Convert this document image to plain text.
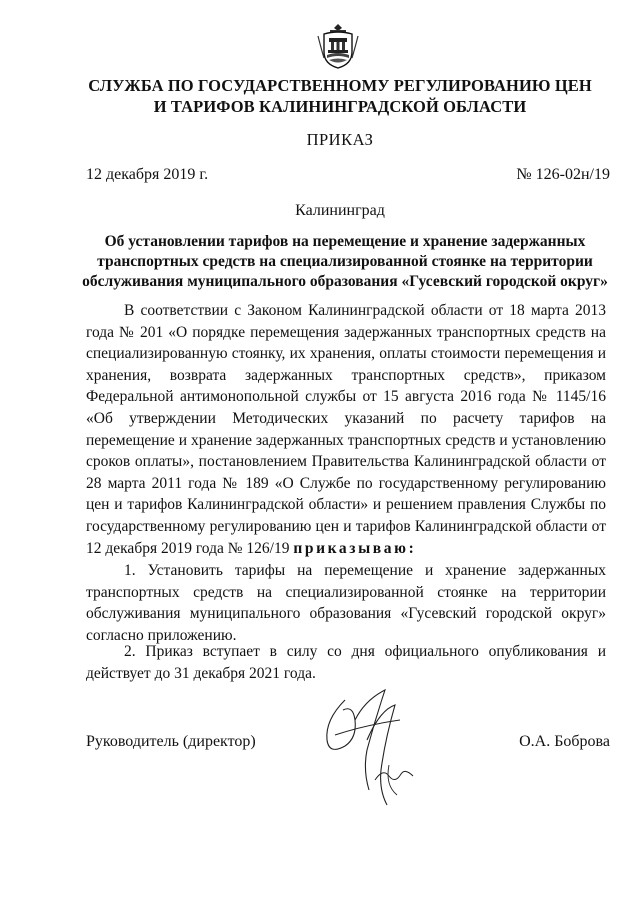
СЛУЖБА ПО ГОСУДАРСТВЕННОМУ РЕГУЛИРОВАНИЮ ЦЕН
И ТАРИФОВ КАЛИНИНГРАДСКОЙ ОБЛАСТИ
ПРИКАЗ
12 декабря 2019 г.	№ 126-02н/19
Калининград
Об установлении тарифов на перемещение и хранение задержанных
транспортных средств на специализированной стоянке на территории
обслуживания муниципального образования «Гусевский городской округ»

В соответствии с Законом Калининградской области от 18 марта 2013 года № 201 «О порядке перемещения задержанных транспортных средств на специализированную стоянку, их хранения, оплаты стоимости перемещения и хранения, возврата задержанных транспортных средств», приказом Федеральной антимонопольной службы от 15 августа 2016 года № 1145/16 «Об утверждении Методических указаний по расчету тарифов на перемещение и хранение задержанных транспортных средств и установлению сроков оплаты», постановлением Правительства Калининградской области от 28 марта 2011 года № 189 «О Службе по государственному регулированию цен и тарифов Калининградской области» и решением правления Службы по государственному регулированию цен и тарифов Калининградской области от 12 декабря 2019 года № 126/19 приказываю:

1. Установить тарифы на перемещение и хранение задержанных транспортных средств на специализированной стоянке на территории обслуживания муниципального образования «Гусевский городской округ» согласно приложению.

2. Приказ вступает в силу со дня официального опубликования и действует до 31 декабря 2021 года.

Руководитель (директор)	О.А. Боброва
